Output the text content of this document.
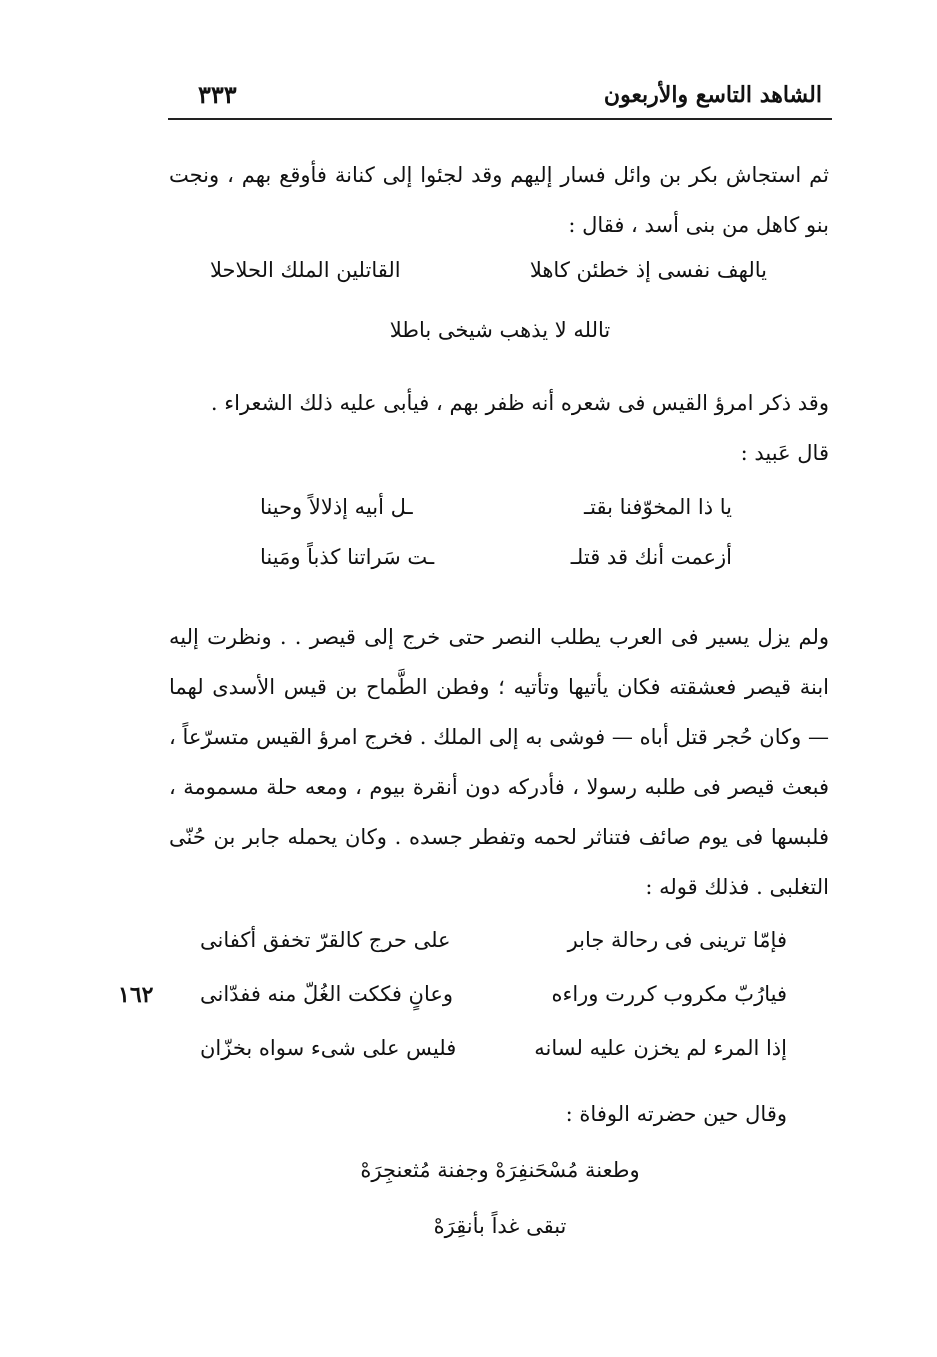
الشاهد التاسع والأربعون
٣٣٣

ثم استجاش بكر بن وائل فسار إليهم وقد لجئوا إلى كنانة فأوقع بهم ، ونجت بنو كاهل من بنى أسد ، فقال :

يالهف نفسى إذ خطئن كاهلا
القاتلين الملك الحلاحلا
تالله لا يذهب شيخى باطلا

وقد ذكر امرؤ القيس فى شعره أنه ظفر بهم ، فيأبى عليه ذلك الشعراء .

قال عَبيد :

يا ذا المخوّفنا بقتـ
ـل أبيه إذلالاً وحينا
أزعمت أنك قد قتلـ
ـت سَراتنا كذباً ومَينا

ولم يزل يسير فى العرب يطلب النصر حتى خرج إلى قيصر . . ونظرت إليه ابنة قيصر فعشقته فكان يأتيها وتأتيه ؛ وفطن الطَّماح بن قيس الأسدى لهما — وكان حُجر قتل أباه — فوشى به إلى الملك . فخرج امرؤ القيس متسرّعاً ، فبعث قيصر فى طلبه رسولا ، فأدركه دون أنقرة بيوم ، ومعه حلة مسمومة ، فلبسها فى يوم صائف فتناثر لحمه وتفطر جسده . وكان يحمله جابر بن حُنّى التغلبى . فذلك قوله :

فإمّا ترينى فى رحالة جابر
على حرج كالقرّ تخفق أكفانى
فيارُبّ مكروب كررت وراءه
وعانٍ فككت الغُلّ منه ففدّانى
إذا المرء لم يخزن عليه لسانه
فليس على شىء سواه بخزّان
١٦٢
وقال حين حضرته الوفاة :
وطعنة مُسْحَنفِرَهْ وجفنة مُثعنجِرَهْ
تبقى غداً بأنقِرَهْ
